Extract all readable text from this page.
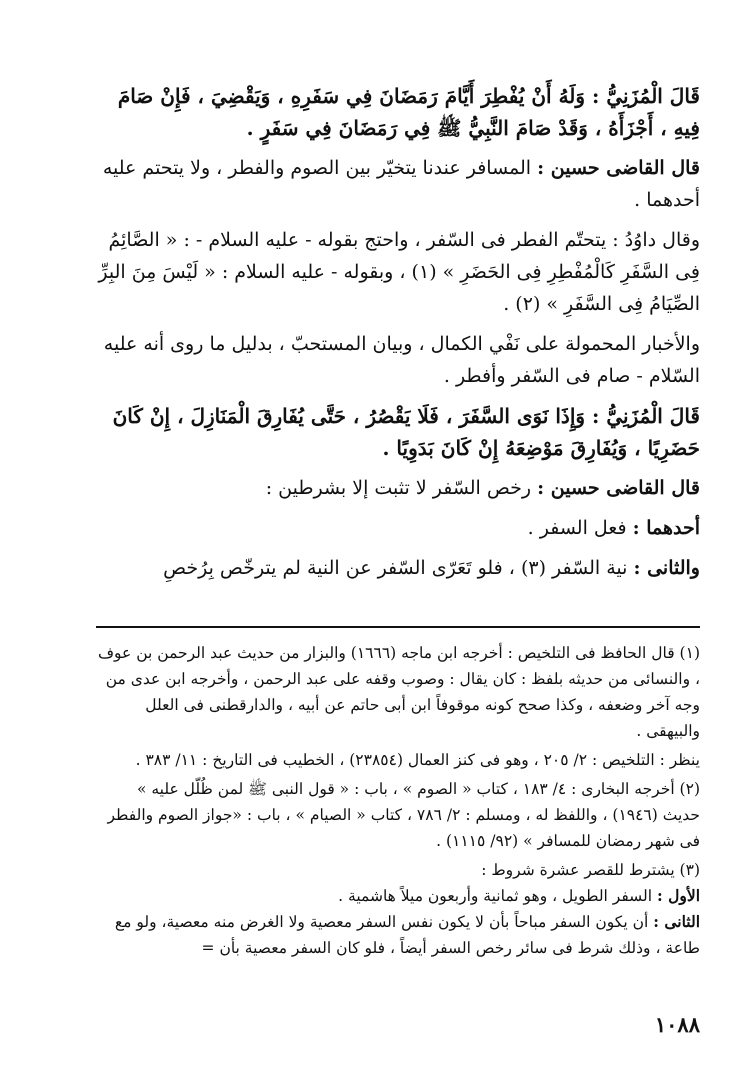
قَالَ الْمُزَنِيُّ : وَلَهُ أَنْ يُفْطِرَ أَيَّامَ رَمَضَانَ فِي سَفَرِهِ ، وَيَقْضِيَ ، فَإِنْ صَامَ فِيهِ ، أَجْزَأَهُ ، وَقَدْ صَامَ النَّبِيُّ ﷺ فِي رَمَضَانَ فِي سَفَرٍ .

قال القاضى حسين : المسافر عندنا يتخيّر بين الصوم والفطر ، ولا يتحتم عليه أحدهما .

وقال داوُدُ : يتحتّم الفطر فى السّفر ، واحتج بقوله - عليه السلام - : « الصَّائِمُ فِى السَّفَرِ كَالْمُفْطِرِ فِى الحَضَرِ » (١) ، وبقوله - عليه السلام : « لَيْسَ مِنَ البِرِّ الصِّيَامُ فِى السَّفَرِ » (٢) .

والأخبار المحمولة على نَفْي الكمال ، وبيان المستحبّ ، بدليل ما روى أنه عليه السّلام - صام فى السّفر وأفطر .

قَالَ الْمُزَنِيُّ : وَإِذَا نَوَى السَّفَرَ ، فَلَا يَقْصُرُ ، حَتَّى يُفَارِقَ الْمَنَازِلَ ، إِنْ كَانَ حَضَرِيًا ، وَيُفَارِقَ مَوْضِعَهُ إِنْ كَانَ بَدَوِيًا .

قال القاضى حسين : رخص السّفر لا تثبت إلا بشرطين :

أحدهما : فعل السفر .

والثانى : نية السّفر (٣) ، فلو تَعَرّى السّفر عن النية لم يترخّص بِرُخصِ

(١) قال الحافظ فى التلخيص : أخرجه ابن ماجه (١٦٦٦) والبزار من حديث عبد الرحمن بن عوف ، والنسائى من حديثه بلفظ : كان يقال : وصوب وقفه على عبد الرحمن ، وأخرجه ابن عدى من وجه آخر وضعفه ، وكذا صحح كونه موقوفاً ابن أبى حاتم عن أبيه ، والدارقطنى فى العلل والبيهقى .

ينظر : التلخيص : ٢/ ٢٠٥ ، وهو فى كنز العمال (٢٣٨٥٤) ، الخطيب فى التاريخ : ١١/ ٣٨٣ .

(٢) أخرجه البخارى : ٤/ ١٨٣ ، كتاب « الصوم » ، باب : « قول النبى ﷺ لمن ظُلّل عليه » حديث (١٩٤٦) ، واللفظ له ، ومسلم : ٢/ ٧٨٦ ، كتاب « الصيام » ، باب : «جواز الصوم والفطر فى شهر رمضان للمسافر » (٩٢/ ١١١٥) .

(٣) يشترط للقصر عشرة شروط :

الأول : السفر الطويل ، وهو ثمانية وأربعون ميلاً هاشمية .

الثانى : أن يكون السفر مباحاً بأن لا يكون نفس السفر معصية ولا الغرض منه معصية، ولو مع طاعة ، وذلك شرط فى سائر رخص السفر أيضاً ، فلو كان السفر معصية بأن =

١٠٨٨
